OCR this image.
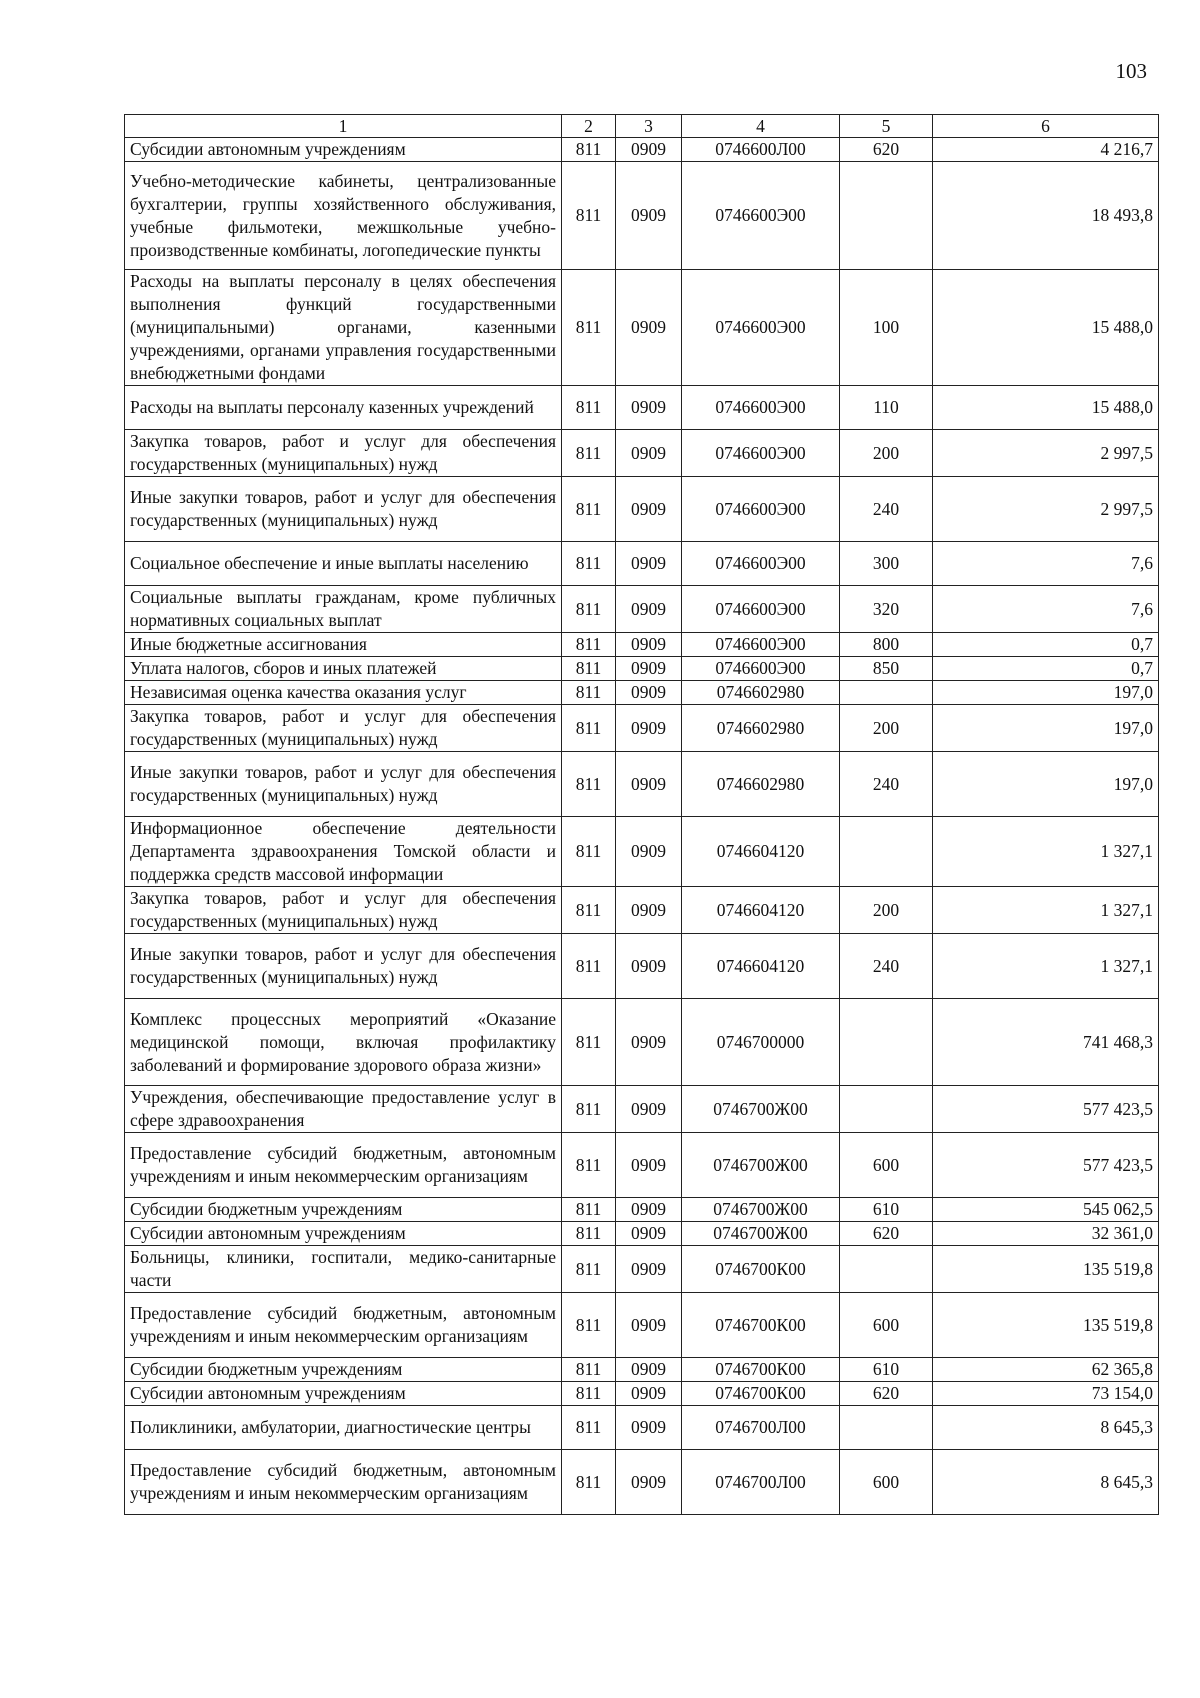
103
1	2	3	4	5	6
Субсидии автономным учреждениям	811	0909	0746600Л00	620	4 216,7
Учебно-методические кабинеты, централизованные бухгалтерии, группы хозяйственного обслуживания, учебные фильмотеки, межшкольные учебно-производственные комбинаты, логопедические пункты	811	0909	0746600Э00		18 493,8
Расходы на выплаты персоналу в целях обеспечения выполнения функций государственными (муниципальными) органами, казенными учреждениями, органами управления государственными внебюджетными фондами	811	0909	0746600Э00	100	15 488,0
Расходы на выплаты персоналу казенных учреждений	811	0909	0746600Э00	110	15 488,0
Закупка товаров, работ и услуг для обеспечения государственных (муниципальных) нужд	811	0909	0746600Э00	200	2 997,5
Иные закупки товаров, работ и услуг для обеспечения государственных (муниципальных) нужд	811	0909	0746600Э00	240	2 997,5
Социальное обеспечение и иные выплаты населению	811	0909	0746600Э00	300	7,6
Социальные выплаты гражданам, кроме публичных нормативных социальных выплат	811	0909	0746600Э00	320	7,6
Иные бюджетные ассигнования	811	0909	0746600Э00	800	0,7
Уплата налогов, сборов и иных платежей	811	0909	0746600Э00	850	0,7
Независимая оценка качества оказания услуг	811	0909	0746602980		197,0
Закупка товаров, работ и услуг для обеспечения государственных (муниципальных) нужд	811	0909	0746602980	200	197,0
Иные закупки товаров, работ и услуг для обеспечения государственных (муниципальных) нужд	811	0909	0746602980	240	197,0
Информационное обеспечение деятельности Департамента здравоохранения Томской области и поддержка средств массовой информации	811	0909	0746604120		1 327,1
Закупка товаров, работ и услуг для обеспечения государственных (муниципальных) нужд	811	0909	0746604120	200	1 327,1
Иные закупки товаров, работ и услуг для обеспечения государственных (муниципальных) нужд	811	0909	0746604120	240	1 327,1
Комплекс процессных мероприятий «Оказание медицинской помощи, включая профилактику заболеваний и формирование здорового образа жизни»	811	0909	0746700000		741 468,3
Учреждения, обеспечивающие предоставление услуг в сфере здравоохранения	811	0909	0746700Ж00		577 423,5
Предоставление субсидий бюджетным, автономным учреждениям и иным некоммерческим организациям	811	0909	0746700Ж00	600	577 423,5
Субсидии бюджетным учреждениям	811	0909	0746700Ж00	610	545 062,5
Субсидии автономным учреждениям	811	0909	0746700Ж00	620	32 361,0
Больницы, клиники, госпитали, медико-санитарные части	811	0909	0746700К00		135 519,8
Предоставление субсидий бюджетным, автономным учреждениям и иным некоммерческим организациям	811	0909	0746700К00	600	135 519,8
Субсидии бюджетным учреждениям	811	0909	0746700К00	610	62 365,8
Субсидии автономным учреждениям	811	0909	0746700К00	620	73 154,0
Поликлиники, амбулатории, диагностические центры	811	0909	0746700Л00		8 645,3
Предоставление субсидий бюджетным, автономным учреждениям и иным некоммерческим организациям	811	0909	0746700Л00	600	8 645,3
